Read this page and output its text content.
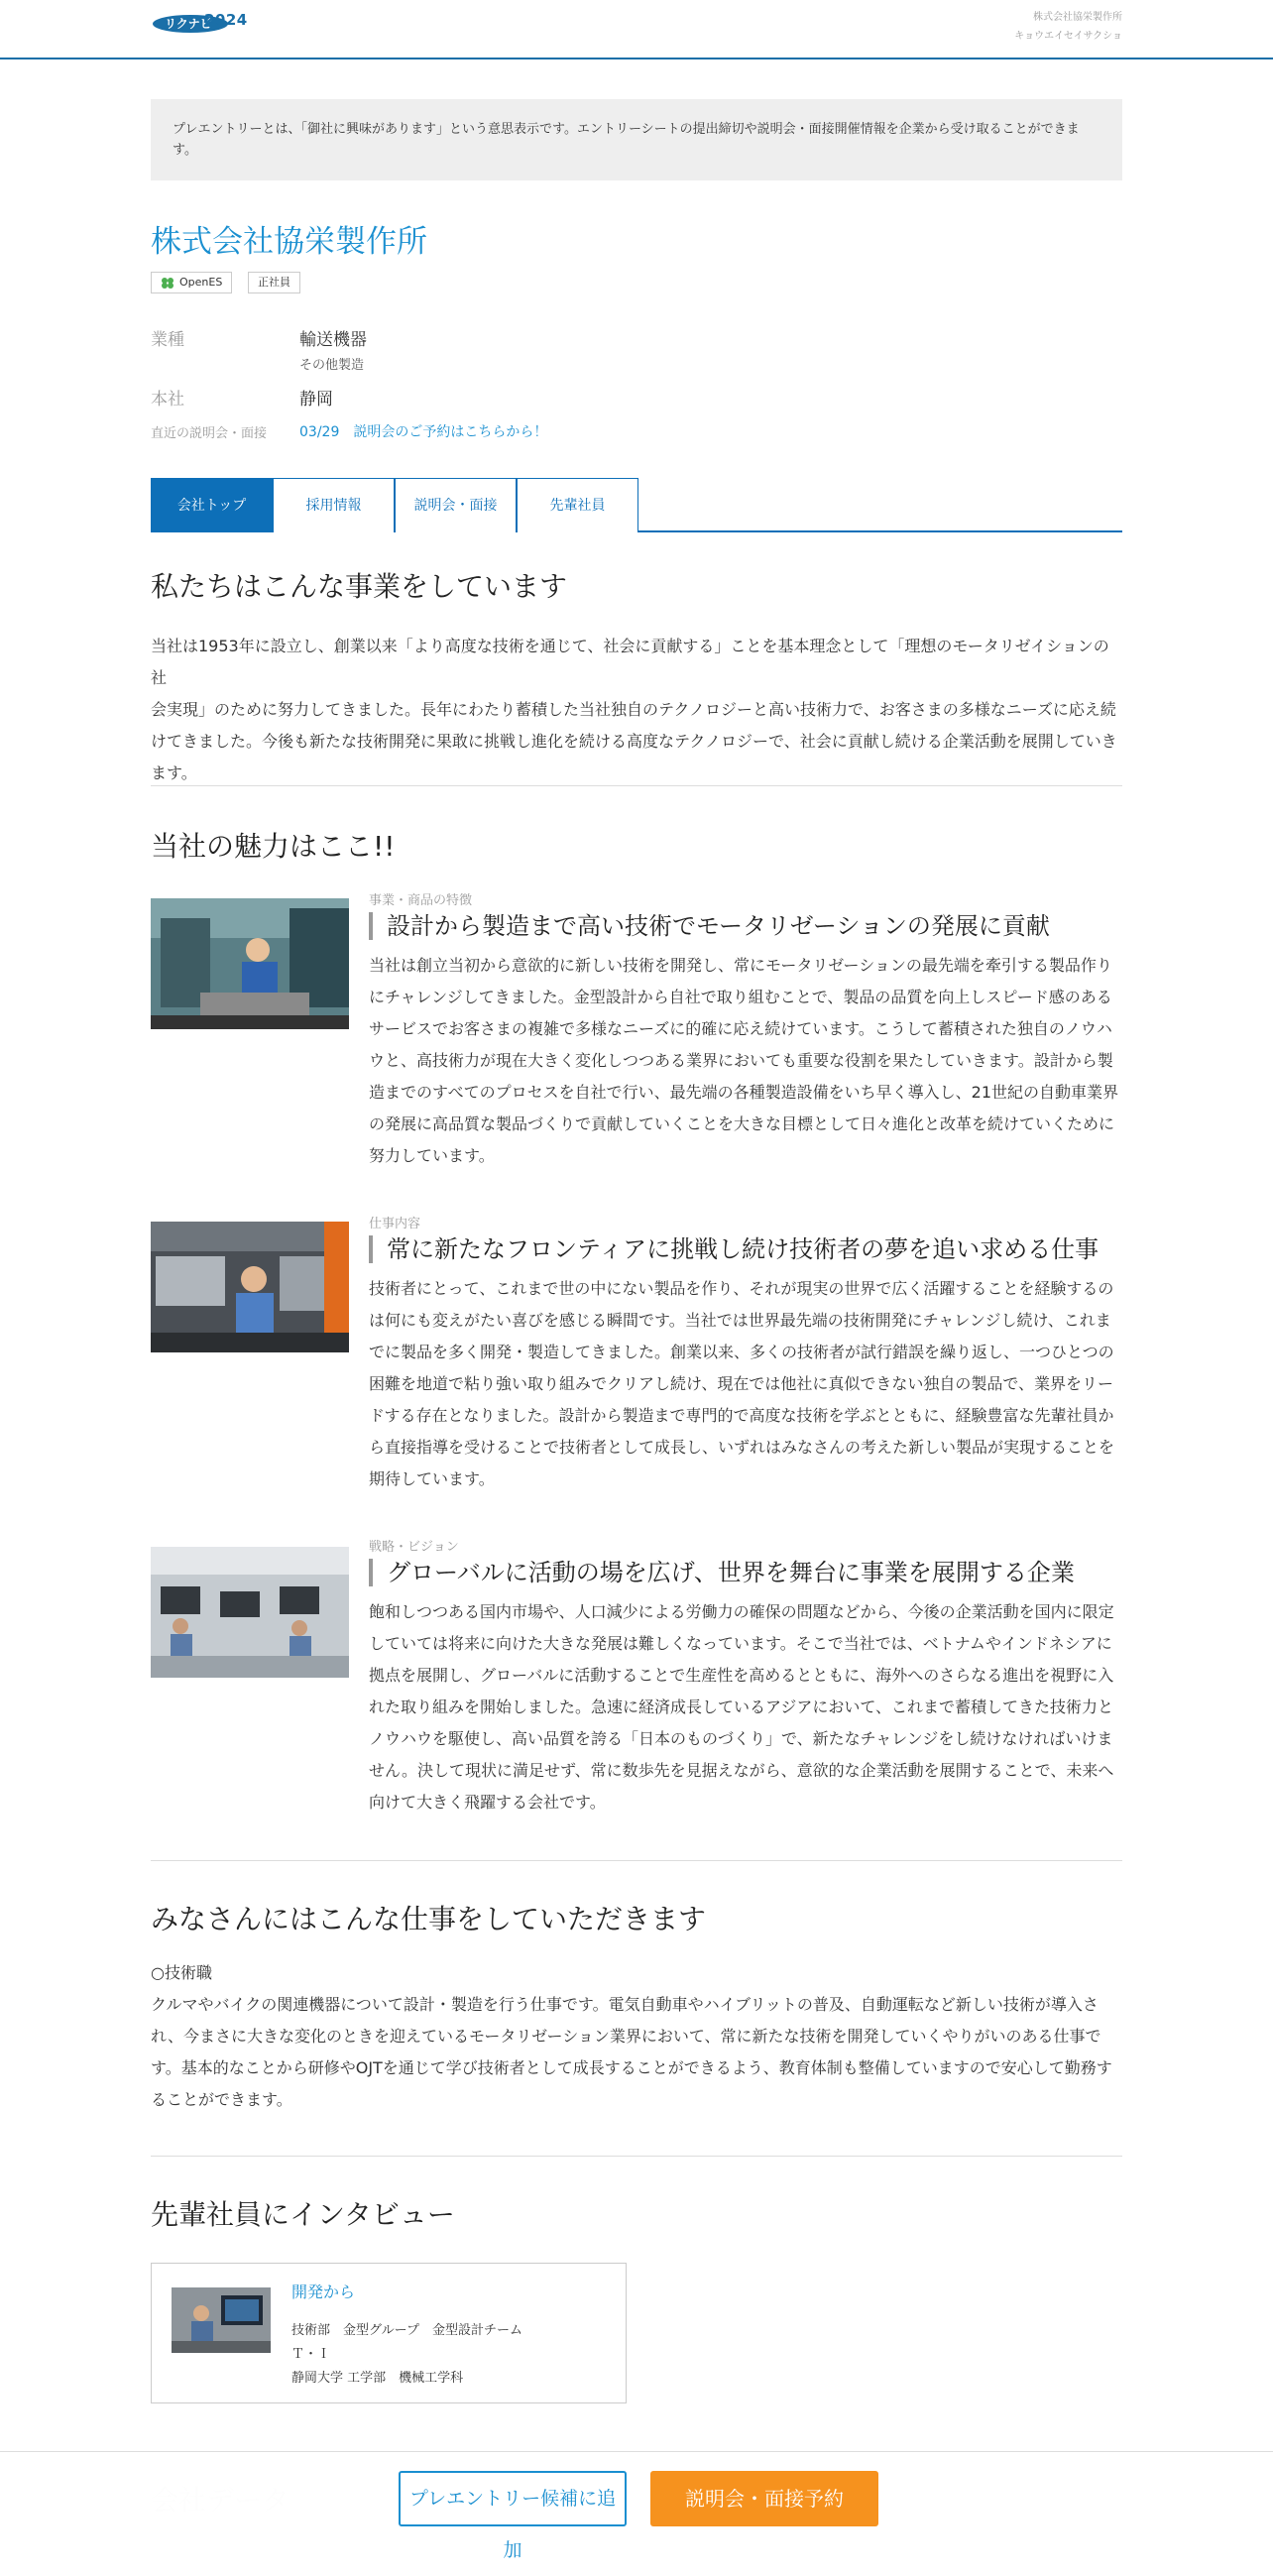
リクナビ
2024	株式会社協栄製作所
キョウエイセイサクショ
プレエントリーとは、「御社に興味があります」という意思表示です。エントリーシートの提出締切や説明会・面接開催情報を企業から受け取ることができます。
株式会社協栄製作所
OpenES	正社員
業種	輸送機器
その他製造
本社	静岡
直近の説明会・面接 03/29　説明会のご予約はこちらから！
会社トップ	採用情報	説明会・面接	先輩社員
私たちはこんな事業をしています
当社は1953年に設立し、創業以来「より高度な技術を通じて、社会に貢献する」ことを基本理念として「理想のモータリゼイションの社
会実現」のために努力してきました。長年にわたり蓄積した当社独自のテクノロジーと高い技術力で、お客さまの多様なニーズに応え続
けてきました。今後も新たな技術開発に果敢に挑戦し進化を続ける高度なテクノロジーで、社会に貢献し続ける企業活動を展開していき
ます。
当社の魅力はここ!!
事業・商品の特徴
設計から製造まで高い技術でモータリゼーションの発展に貢献
当社は創立当初から意欲的に新しい技術を開発し、常にモータリゼーションの最先端を牽引する製品作り
にチャレンジしてきました。金型設計から自社で取り組むことで、製品の品質を向上しスピード感のある
サービスでお客さまの複雑で多様なニーズに的確に応え続けています。こうして蓄積された独自のノウハ
ウと、高技術力が現在大きく変化しつつある業界においても重要な役割を果たしていきます。設計から製
造までのすべてのプロセスを自社で行い、最先端の各種製造設備をいち早く導入し、21世紀の自動車業界
の発展に高品質な製品づくりで貢献していくことを大きな目標として日々進化と改革を続けていくために
努力しています。
仕事内容
常に新たなフロンティアに挑戦し続け技術者の夢を追い求める仕事
技術者にとって、これまで世の中にない製品を作り、それが現実の世界で広く活躍することを経験するの
は何にも変えがたい喜びを感じる瞬間です。当社では世界最先端の技術開発にチャレンジし続け、これま
でに製品を多く開発・製造してきました。創業以来、多くの技術者が試行錯誤を繰り返し、一つひとつの
困難を地道で粘り強い取り組みでクリアし続け、現在では他社に真似できない独自の製品で、業界をリー
ドする存在となりました。設計から製造まで専門的で高度な技術を学ぶとともに、経験豊富な先輩社員か
ら直接指導を受けることで技術者として成長し、いずれはみなさんの考えた新しい製品が実現することを
期待しています。
戦略・ビジョン
グローバルに活動の場を広げ、世界を舞台に事業を展開する企業
飽和しつつある国内市場や、人口減少による労働力の確保の問題などから、今後の企業活動を国内に限定
していては将来に向けた大きな発展は難しくなっています。そこで当社では、ベトナムやインドネシアに
拠点を展開し、グローバルに活動することで生産性を高めるとともに、海外へのさらなる進出を視野に入
れた取り組みを開始しました。急速に経済成長しているアジアにおいて、これまで蓄積してきた技術力と
ノウハウを駆使し、高い品質を誇る「日本のものづくり」で、新たなチャレンジをし続けなければいけま
せん。決して現状に満足せず、常に数歩先を見据えながら、意欲的な企業活動を展開することで、未来へ
向けて大きく飛躍する会社です。
みなさんにはこんな仕事をしていただきます
○技術職
クルマやバイクの関連機器について設計・製造を行う仕事です。電気自動車やハイブリットの普及、自動運転など新しい技術が導入さ
れ、今まさに大きな変化のときを迎えているモータリゼーション業界において、常に新たな技術を開発していくやりがいのある仕事で
す。基本的なことから研修やOJTを通じて学び技術者として成長することができるよう、教育体制も整備していますので安心して勤務す
ることができます。
先輩社員にインタビュー
開発から
技術部　金型グループ　金型設計チーム
Ｔ・Ｉ
静岡大学 工学部　機械工学科
プレエントリー候補に追加
説明会・面接予約
